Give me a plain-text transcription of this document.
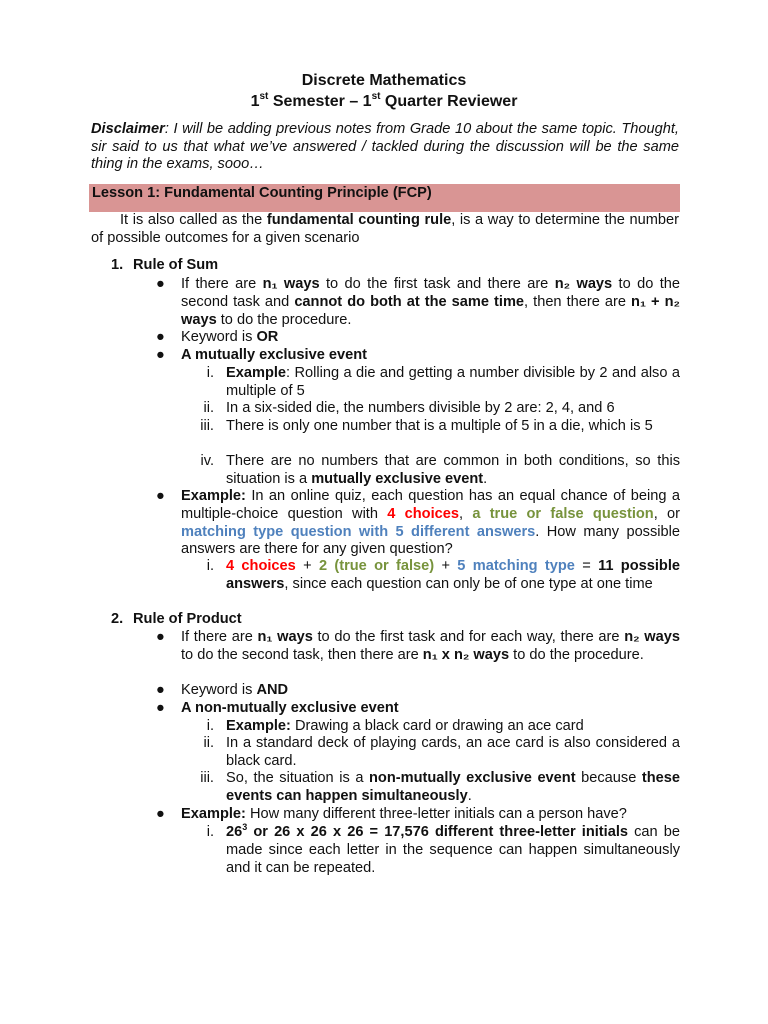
Discrete Mathematics
1st Semester – 1st Quarter Reviewer
Disclaimer: I will be adding previous notes from Grade 10 about the same topic. Thought, sir said to us that what we’ve answered / tackled during the discussion will be the same thing in the exams, sooo…
Lesson 1: Fundamental Counting Principle (FCP)
It is also called as the fundamental counting rule, is a way to determine the number of possible outcomes for a given scenario
1. Rule of Sum
● If there are n₁ ways to do the first task and there are n₂ ways to do the second task and cannot do both at the same time, then there are n₁ + n₂ ways to do the procedure.
● Keyword is OR
● A mutually exclusive event
i. Example: Rolling a die and getting a number divisible by 2 and also a multiple of 5
ii. In a six-sided die, the numbers divisible by 2 are: 2, 4, and 6
iii. There is only one number that is a multiple of 5 in a die, which is 5
iv. There are no numbers that are common in both conditions, so this situation is a mutually exclusive event.
● Example: In an online quiz, each question has an equal chance of being a multiple-choice question with 4 choices, a true or false question, or matching type question with 5 different answers. How many possible answers are there for any given question?
i. 4 choices + 2 (true or false) + 5 matching type = 11 possible answers, since each question can only be of one type at one time
2. Rule of Product
● If there are n₁ ways to do the first task and for each way, there are n₂ ways to do the second task, then there are n₁ x n₂ ways to do the procedure.
● Keyword is AND
● A non-mutually exclusive event
i. Example: Drawing a black card or drawing an ace card
ii. In a standard deck of playing cards, an ace card is also considered a black card.
iii. So, the situation is a non-mutually exclusive event because these events can happen simultaneously.
● Example: How many different three-letter initials can a person have?
i. $26^3$ or 26 x 26 x 26 = 17,576 different three-letter initials can be made since each letter in the sequence can happen simultaneously and it can be repeated.
